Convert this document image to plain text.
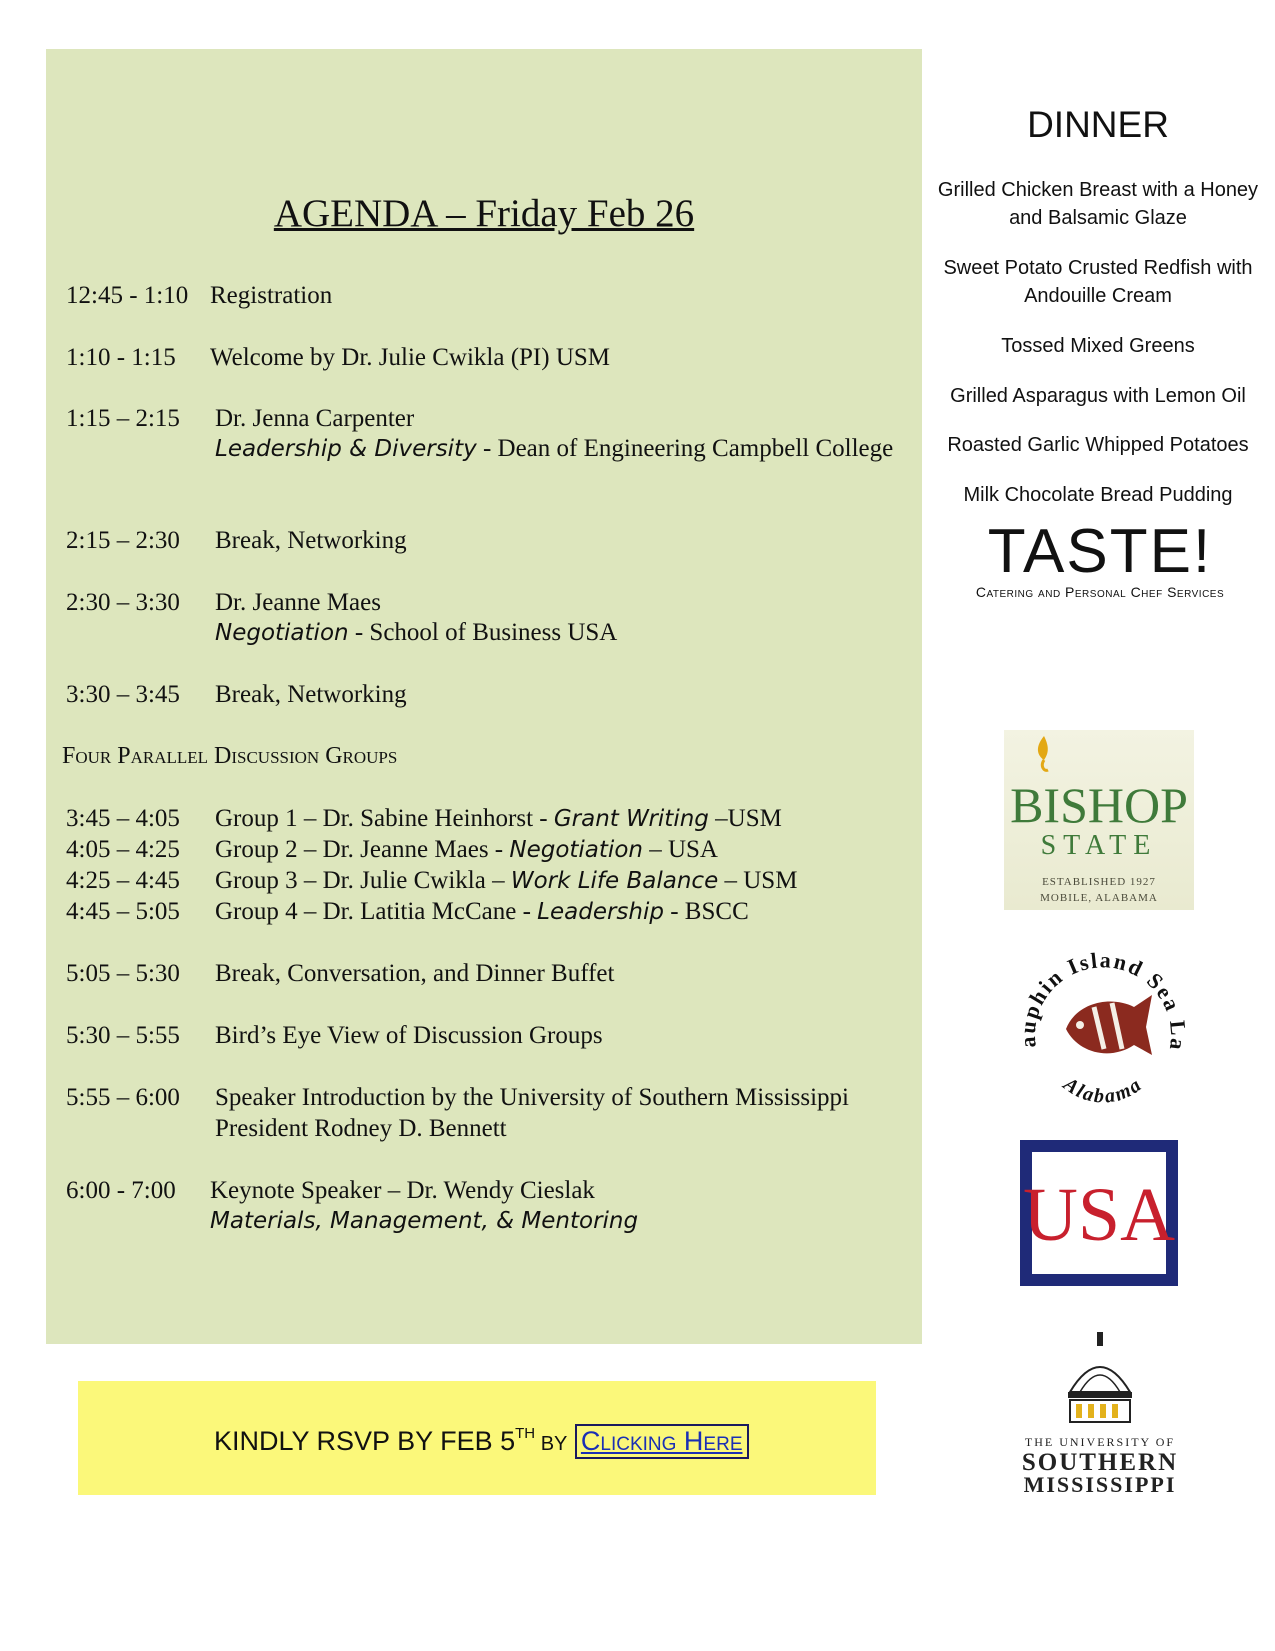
AGENDA – Friday Feb 26
12:45 - 1:10 Registration
1:10 - 1:15 Welcome by Dr. Julie Cwikla (PI) USM
1:15 – 2:15 Dr. Jenna Carpenter
Leadership & Diversity - Dean of Engineering Campbell College
2:15 – 2:30 Break, Networking
2:30 – 3:30 Dr. Jeanne Maes
Negotiation - School of Business USA
3:30 – 3:45 Break, Networking
Four Parallel Discussion Groups
3:45 – 4:05 Group 1 – Dr. Sabine Heinhorst - Grant Writing –USM
4:05 – 4:25 Group 2 – Dr. Jeanne Maes - Negotiation – USA
4:25 – 4:45 Group 3 – Dr. Julie Cwikla – Work Life Balance – USM
4:45 – 5:05 Group 4 – Dr. Latitia McCane - Leadership - BSCC
5:05 – 5:30 Break, Conversation, and Dinner Buffet
5:30 – 5:55 Bird’s Eye View of Discussion Groups
5:55 – 6:00 Speaker Introduction by the University of Southern Mississippi
President Rodney D. Bennett
6:00 - 7:00 Keynote Speaker – Dr. Wendy Cieslak
Materials, Management, & Mentoring
KINDLY RSVP BY FEB 5TH BY Clicking Here
DINNER
Grilled Chicken Breast with a Honey and Balsamic Glaze
Sweet Potato Crusted Redfish with Andouille Cream
Tossed Mixed Greens
Grilled Asparagus with Lemon Oil
Roasted Garlic Whipped Potatoes
Milk Chocolate Bread Pudding
TASTE!
Catering and Personal Chef Services
BISHOP
STATE
ESTABLISHED 1927
MOBILE, ALABAMA
auphin Island Sea La
Alabama
USA
THE UNIVERSITY OF
SOUTHERN
MISSISSIPPI
